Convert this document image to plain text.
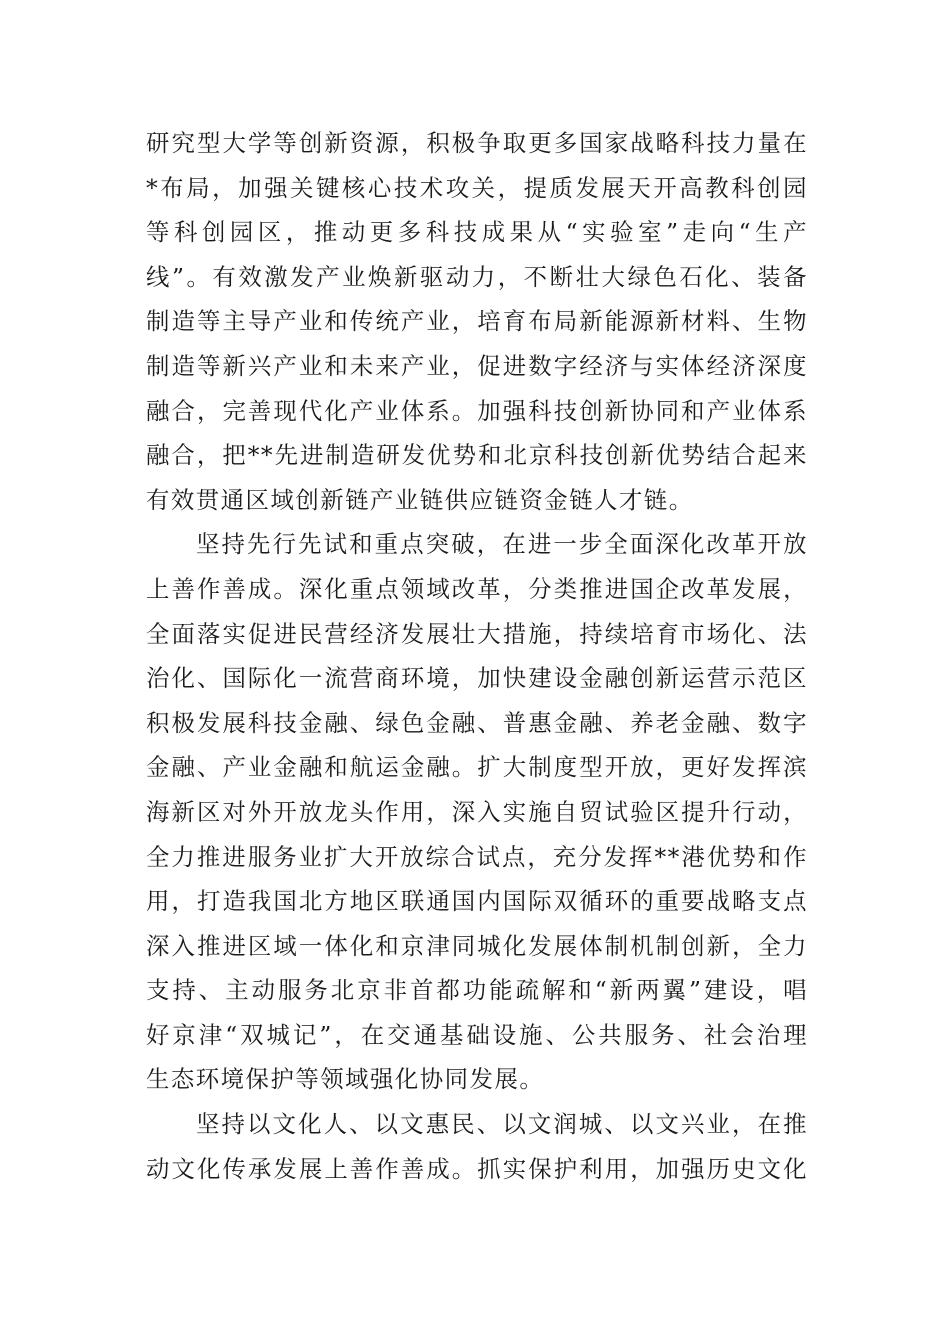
研究型大学等创新资源，积极争取更多国家战略科技力量在
*布局，加强关键核心技术攻关，提质发展天开高教科创园
等科创园区，推动更多科技成果从“实验室”走向“生产
线”。有效激发产业焕新驱动力，不断壮大绿色石化、装备
制造等主导产业和传统产业，培育布局新能源新材料、生物
制造等新兴产业和未来产业，促进数字经济与实体经济深度
融合，完善现代化产业体系。加强科技创新协同和产业体系
融合，把**先进制造研发优势和北京科技创新优势结合起来
有效贯通区域创新链产业链供应链资金链人才链。
坚持先行先试和重点突破，在进一步全面深化改革开放
上善作善成。深化重点领域改革，分类推进国企改革发展，
全面落实促进民营经济发展壮大措施，持续培育市场化、法
治化、国际化一流营商环境，加快建设金融创新运营示范区
积极发展科技金融、绿色金融、普惠金融、养老金融、数字
金融、产业金融和航运金融。扩大制度型开放，更好发挥滨
海新区对外开放龙头作用，深入实施自贸试验区提升行动，
全力推进服务业扩大开放综合试点，充分发挥**港优势和作
用，打造我国北方地区联通国内国际双循环的重要战略支点
深入推进区域一体化和京津同城化发展体制机制创新，全力
支持、主动服务北京非首都功能疏解和“新两翼”建设，唱
好京津“双城记”，在交通基础设施、公共服务、社会治理
生态环境保护等领域强化协同发展。
坚持以文化人、以文惠民、以文润城、以文兴业，在推
动文化传承发展上善作善成。抓实保护利用，加强历史文化
